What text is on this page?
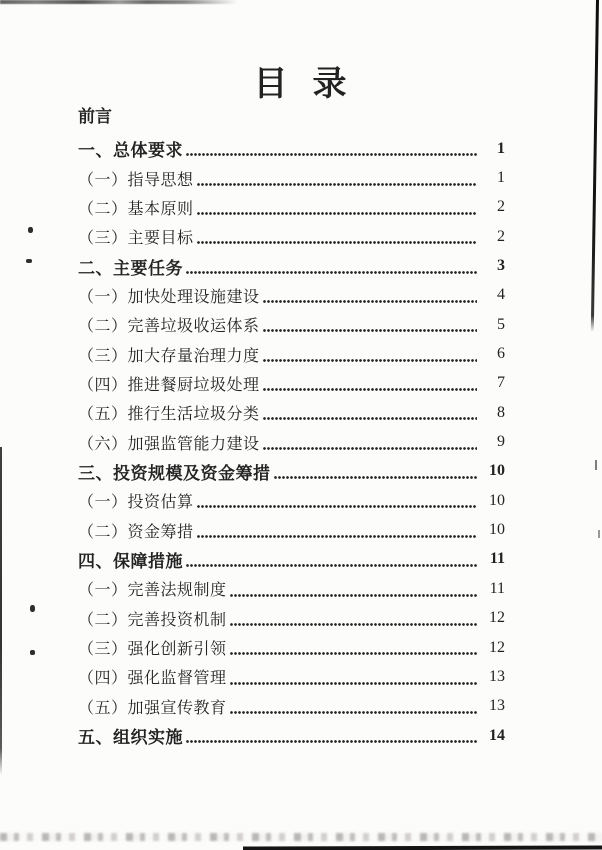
目  录
前言
一、总体要求	1
（一）指导思想	1
（二）基本原则	2
（三）主要目标	2
二、主要任务	3
（一）加快处理设施建设	4
（二）完善垃圾收运体系	5
（三）加大存量治理力度	6
（四）推进餐厨垃圾处理	7
（五）推行生活垃圾分类	8
（六）加强监管能力建设	9
三、投资规模及资金筹措	10
（一）投资估算	10
（二）资金筹措	10
四、保障措施	11
（一）完善法规制度	11
（二）完善投资机制	12
（三）强化创新引领	12
（四）强化监督管理	13
（五）加强宣传教育	13
五、组织实施	14
